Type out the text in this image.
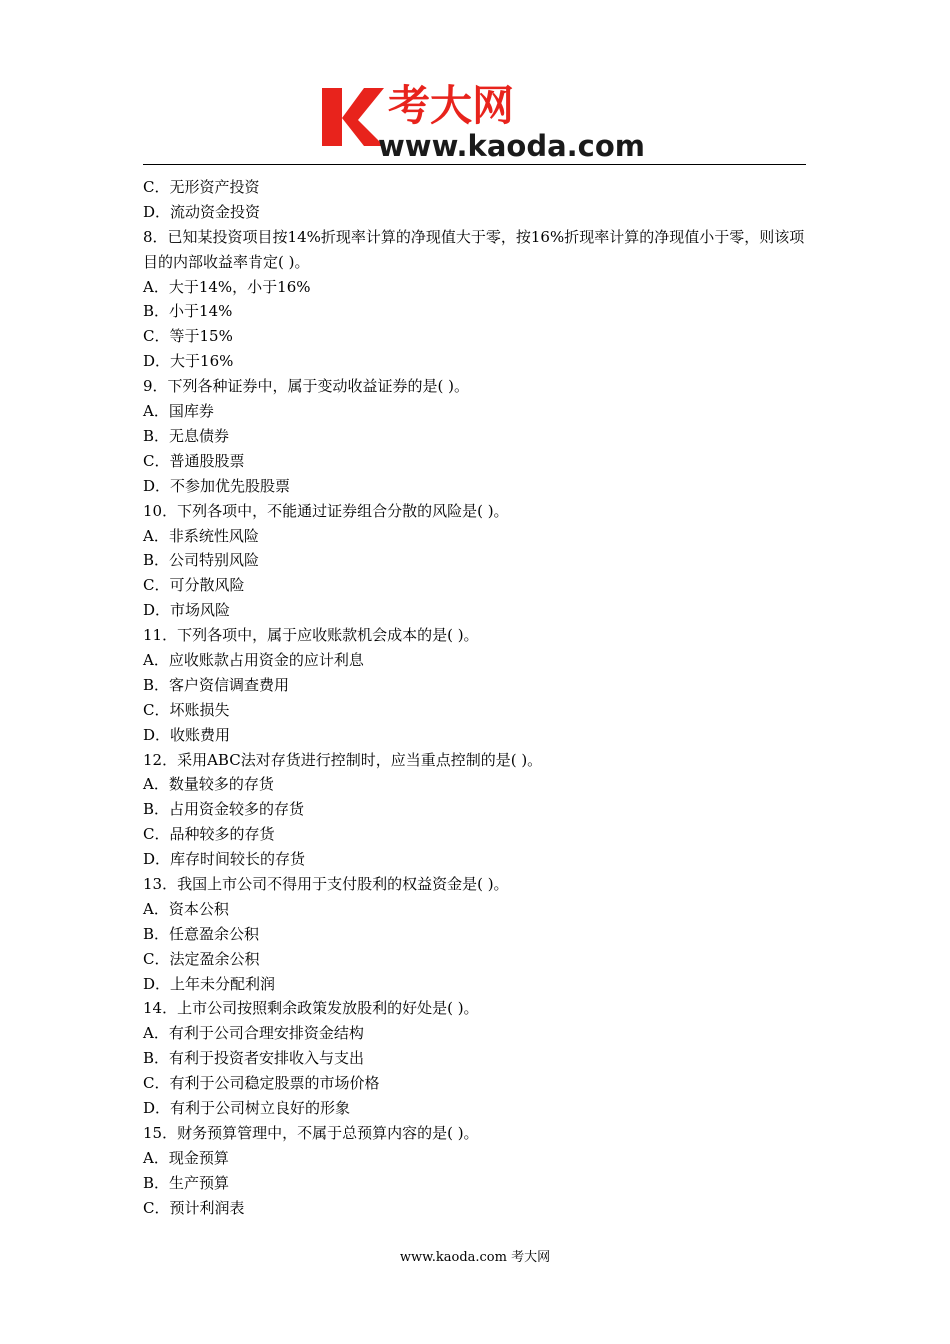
考大网
www.kaoda.com
C．无形资产投资
D．流动资金投资
8．已知某投资项目按14%折现率计算的净现值大于零，按16%折现率计算的净现值小于零，则该项目的内部收益率肯定( )。
A．大于14%，小于16%
B．小于14%
C．等于15%
D．大于16%
9．下列各种证券中，属于变动收益证券的是( )。
A．国库券
B．无息债券
C．普通股股票
D．不参加优先股股票
10．下列各项中，不能通过证券组合分散的风险是( )。
A．非系统性风险
B．公司特别风险
C．可分散风险
D．市场风险
11．下列各项中，属于应收账款机会成本的是( )。
A．应收账款占用资金的应计利息
B．客户资信调查费用
C．坏账损失
D．收账费用
12．采用ABC法对存货进行控制时，应当重点控制的是( )。
A．数量较多的存货
B．占用资金较多的存货
C．品种较多的存货
D．库存时间较长的存货
13．我国上市公司不得用于支付股利的权益资金是( )。
A．资本公积
B．任意盈余公积
C．法定盈余公积
D．上年未分配利润
14．上市公司按照剩余政策发放股利的好处是( )。
A．有利于公司合理安排资金结构
B．有利于投资者安排收入与支出
C．有利于公司稳定股票的市场价格
D．有利于公司树立良好的形象
15．财务预算管理中，不属于总预算内容的是( )。
A．现金预算
B．生产预算
C．预计利润表
www.kaoda.com 考大网
